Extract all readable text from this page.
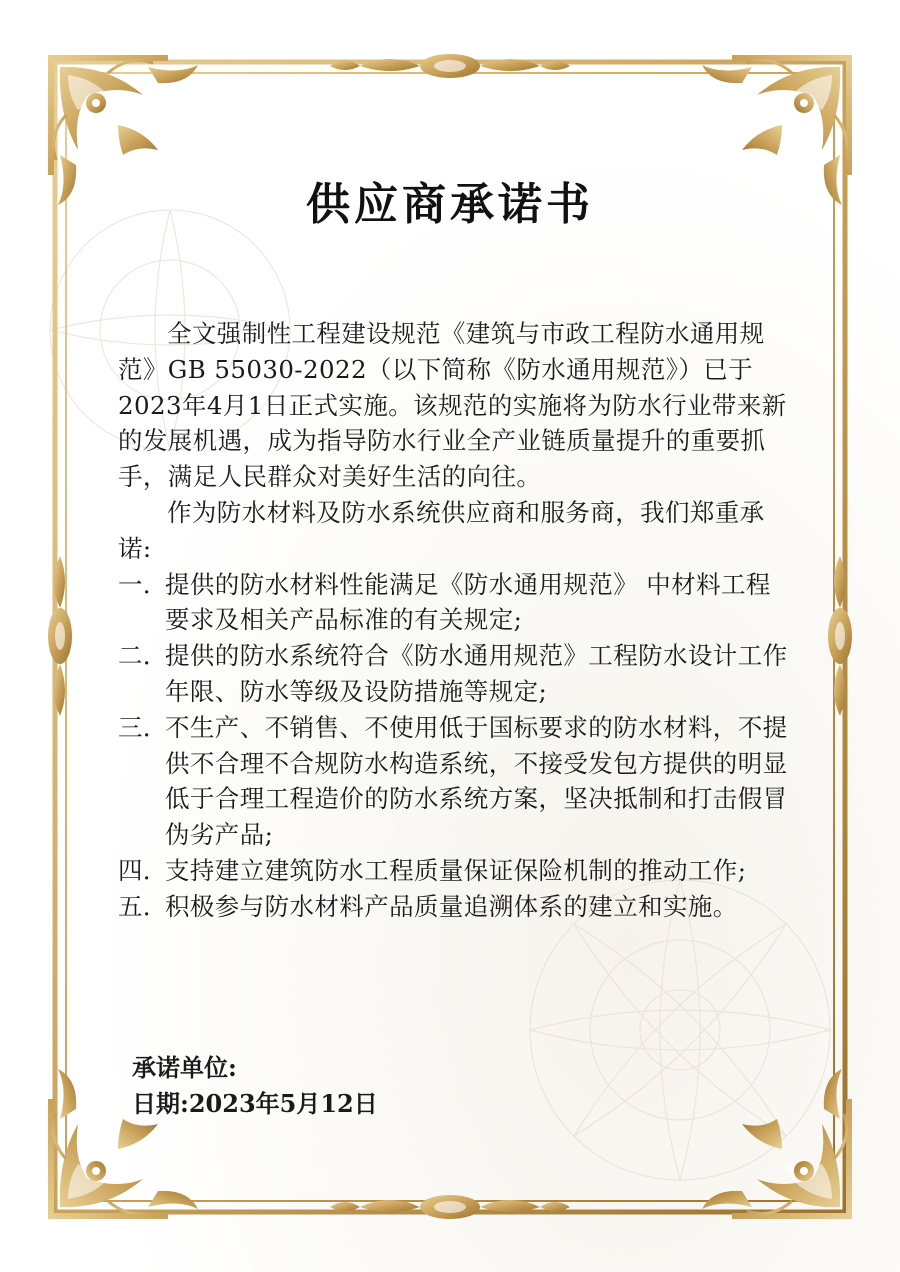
供应商承诺书

全文强制性工程建设规范《建筑与市政工程防水通用规范》GB 55030-2022（以下简称《防水通用规范》）已于2023年4月1日正式实施。该规范的实施将为防水行业带来新的发展机遇，成为指导防水行业全产业链质量提升的重要抓手，满足人民群众对美好生活的向往。

作为防水材料及防水系统供应商和服务商，我们郑重承诺:

一．
提供的防水材料性能满足《防水通用规范》 中材料工程要求及相关产品标准的有关规定;

二．
提供的防水系统符合《防水通用规范》工程防水设计工作年限、防水等级及设防措施等规定;

三．
不生产、不销售、不使用低于国标要求的防水材料，不提供不合理不合规防水构造系统，不接受发包方提供的明显低于合理工程造价的防水系统方案，坚决抵制和打击假冒伪劣产品;

四．
支持建立建筑防水工程质量保证保险机制的推动工作;

五．
积极参与防水材料产品质量追溯体系的建立和实施。

承诺单位:
日期:2023年5月12日
